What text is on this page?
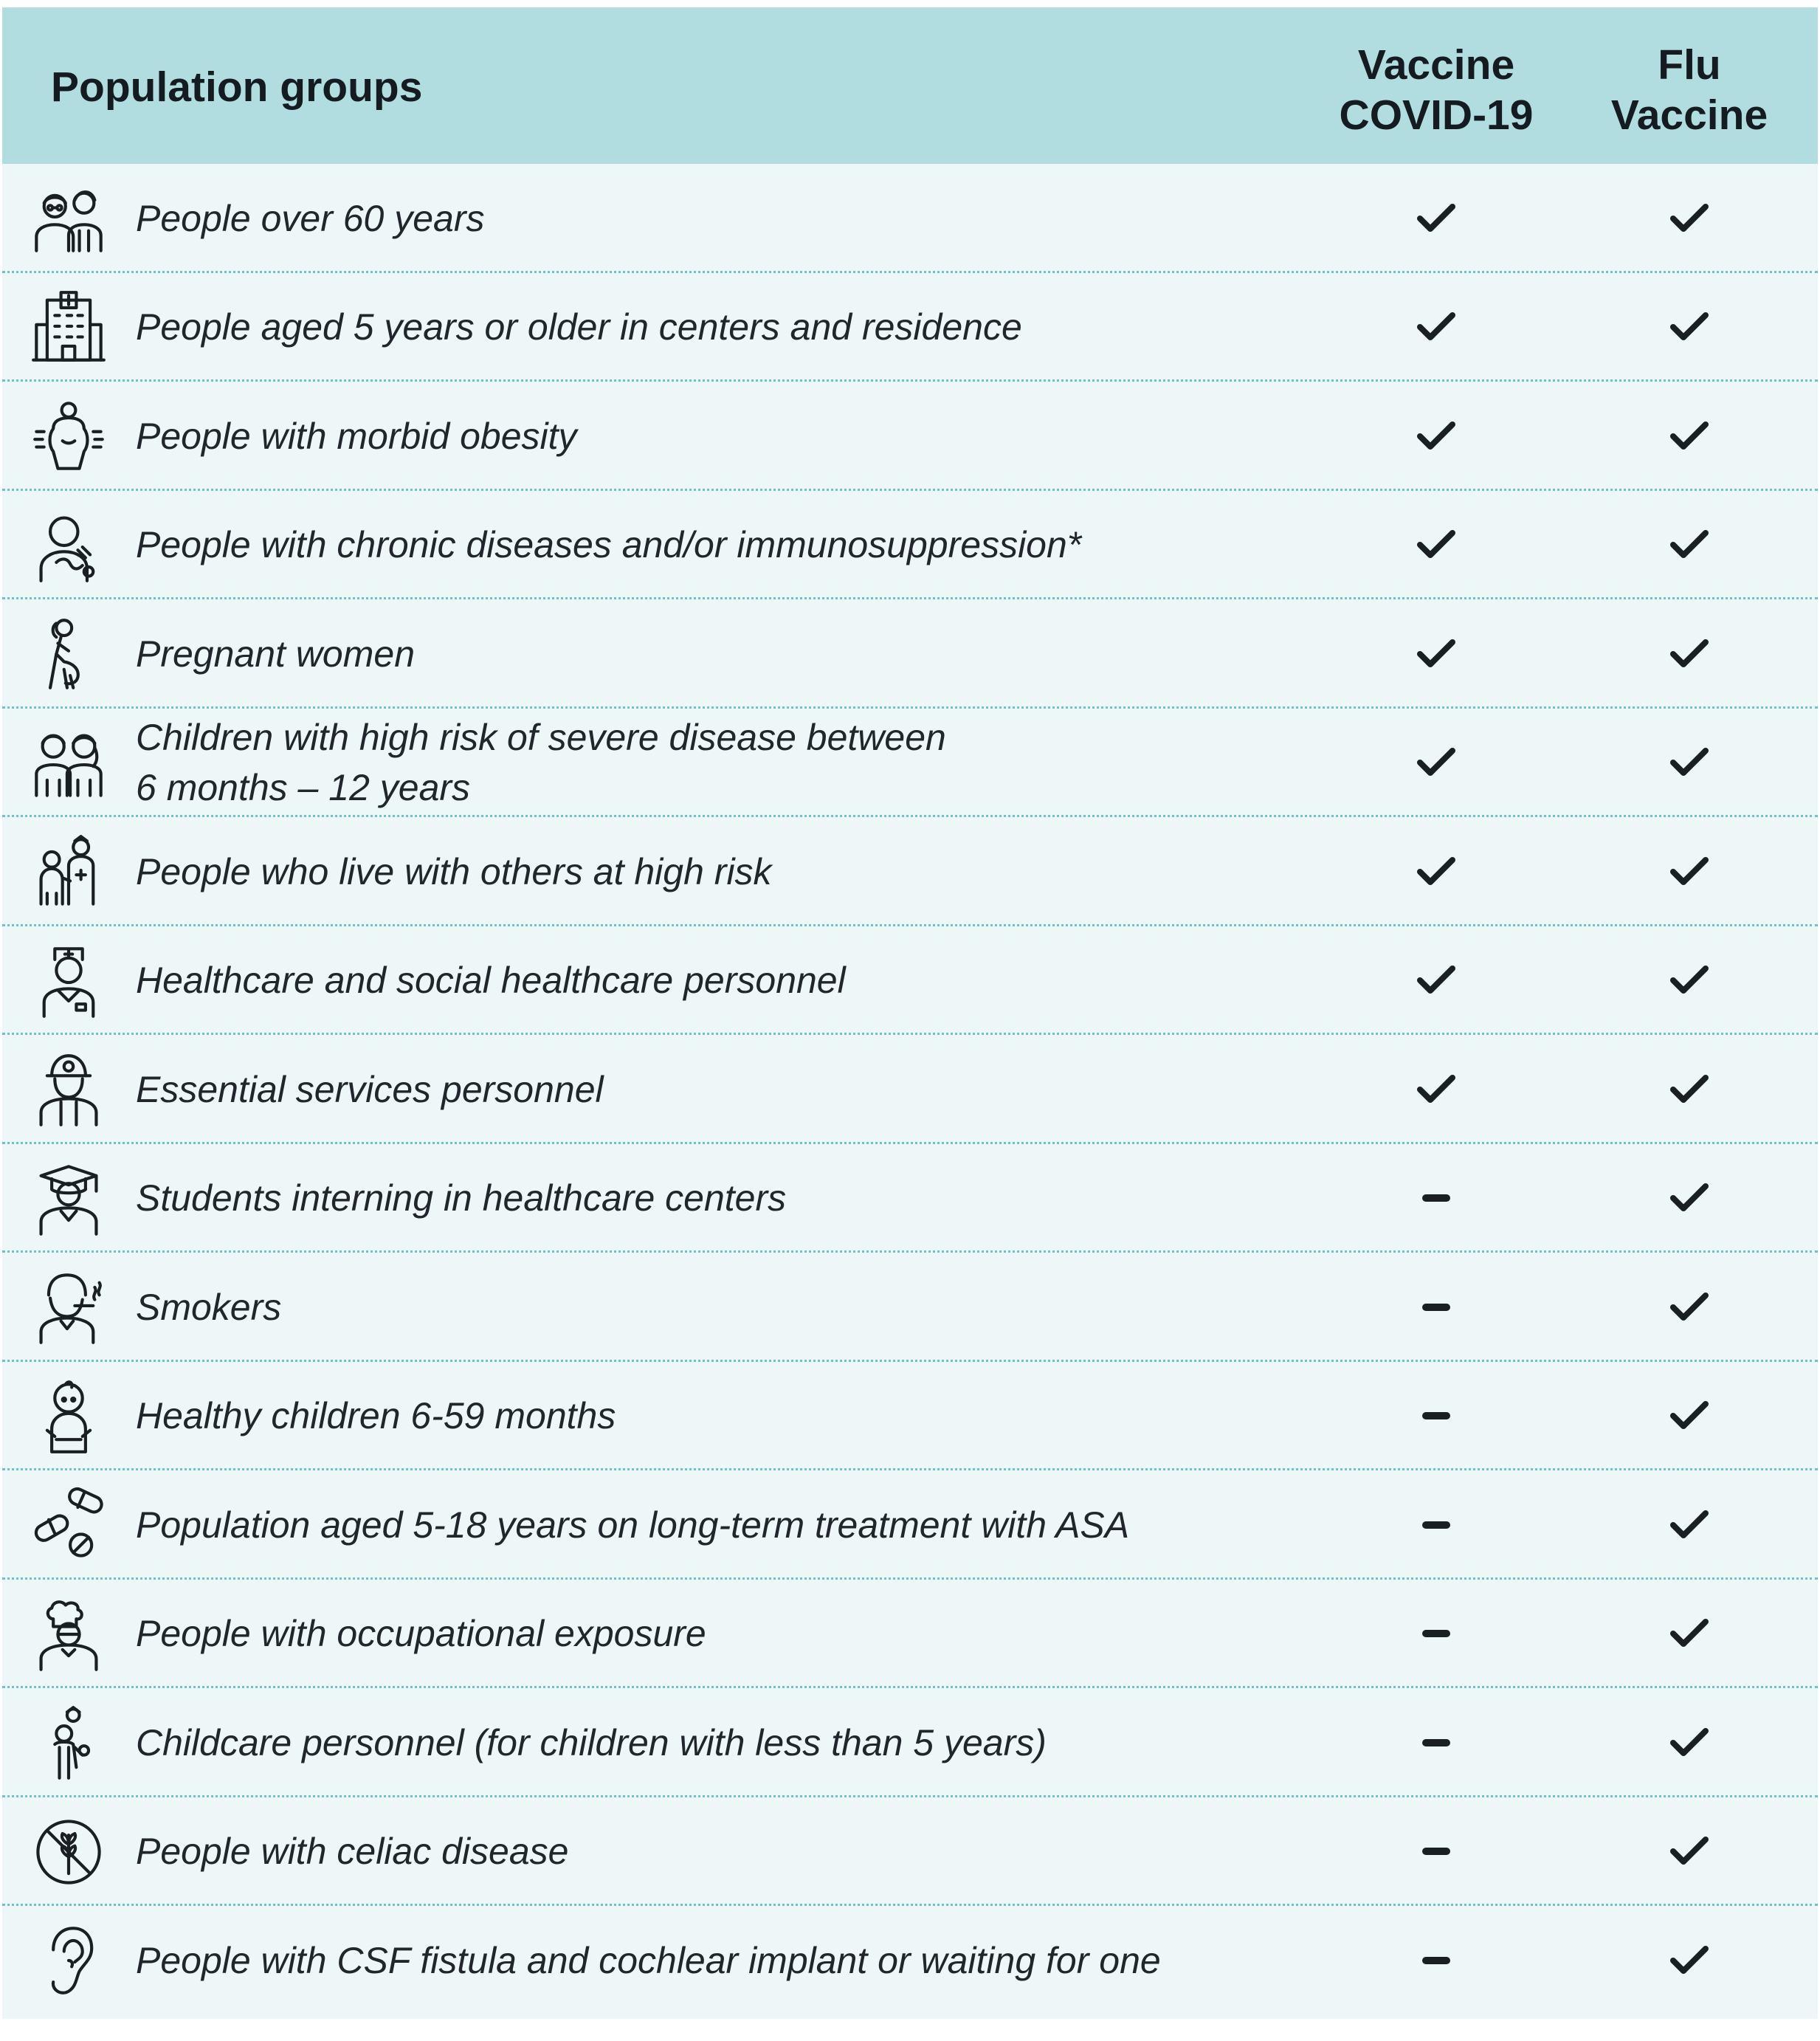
Population groups	Vaccine
COVID-19
Flu
Vaccine
People over 60 years
People aged 5 years or older in centers and residence
People with morbid obesity
People with chronic diseases and/or immunosuppression*
Pregnant women
Children with high risk of severe disease between
6 months – 12 years
People who live with others at high risk
Healthcare and social healthcare personnel
Essential services personnel
Students interning in healthcare centers
Smokers
Healthy children 6-59 months
Population aged 5-18 years on long-term treatment with ASA
People with occupational exposure
Childcare personnel (for children with less than 5 years)
People with celiac disease
People with CSF fistula and cochlear implant or waiting for one
